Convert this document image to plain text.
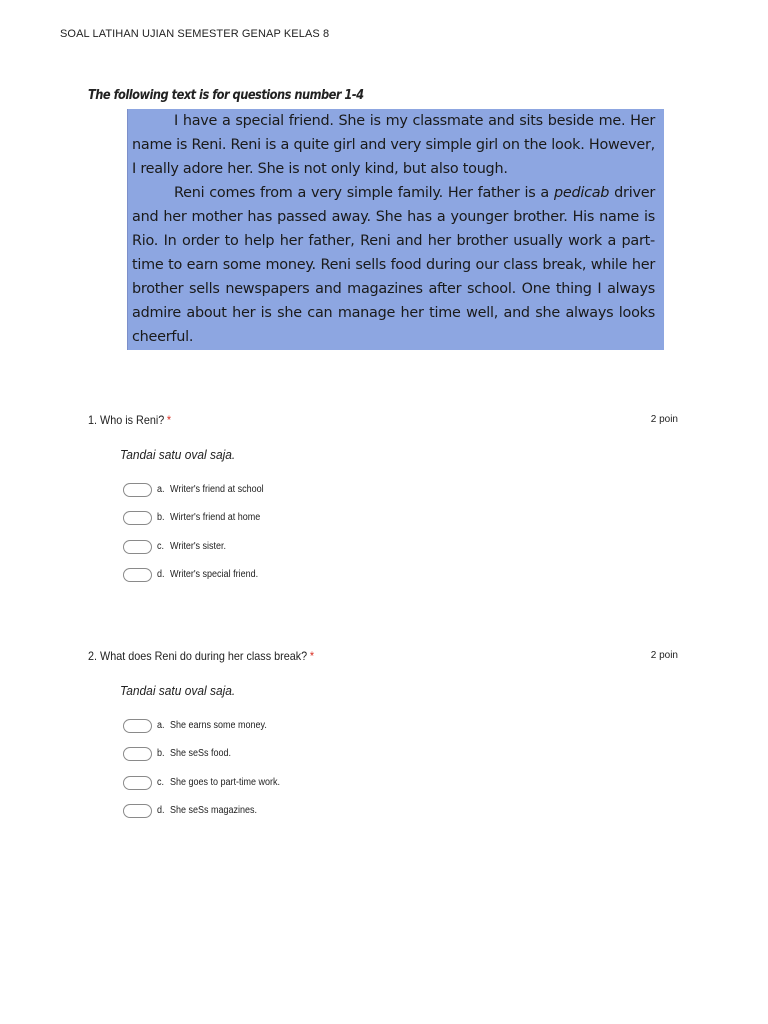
SOAL LATIHAN UJIAN SEMESTER GENAP KELAS 8
The following text is for questions number 1-4

I have a special friend. She is my classmate and sits beside me. Her name is Reni. Reni is a quite girl and very simple girl on the look. However, I really adore her. She is not only kind, but also tough.

Reni comes from a very simple family. Her father is a pedicab driver and her mother has passed away. She has a younger brother. His name is Rio. In order to help her father, Reni and her brother usually work a part-time to earn some money. Reni sells food during our class break, while her brother sells newspapers and magazines after school. One thing I always admire about her is she can manage her time well, and she always looks cheerful.

1. Who is Reni? *	2 poin
Tandai satu oval saja.
a. Writer's friend at school
b. Wirter's friend at home
c. Writer's sister.
d. Writer's special friend.
2. What does Reni do during her class break? *	2 poin
Tandai satu oval saja.
a. She earns some money.
b. She seSs food.
c. She goes to part-time work.
d. She seSs magazines.
